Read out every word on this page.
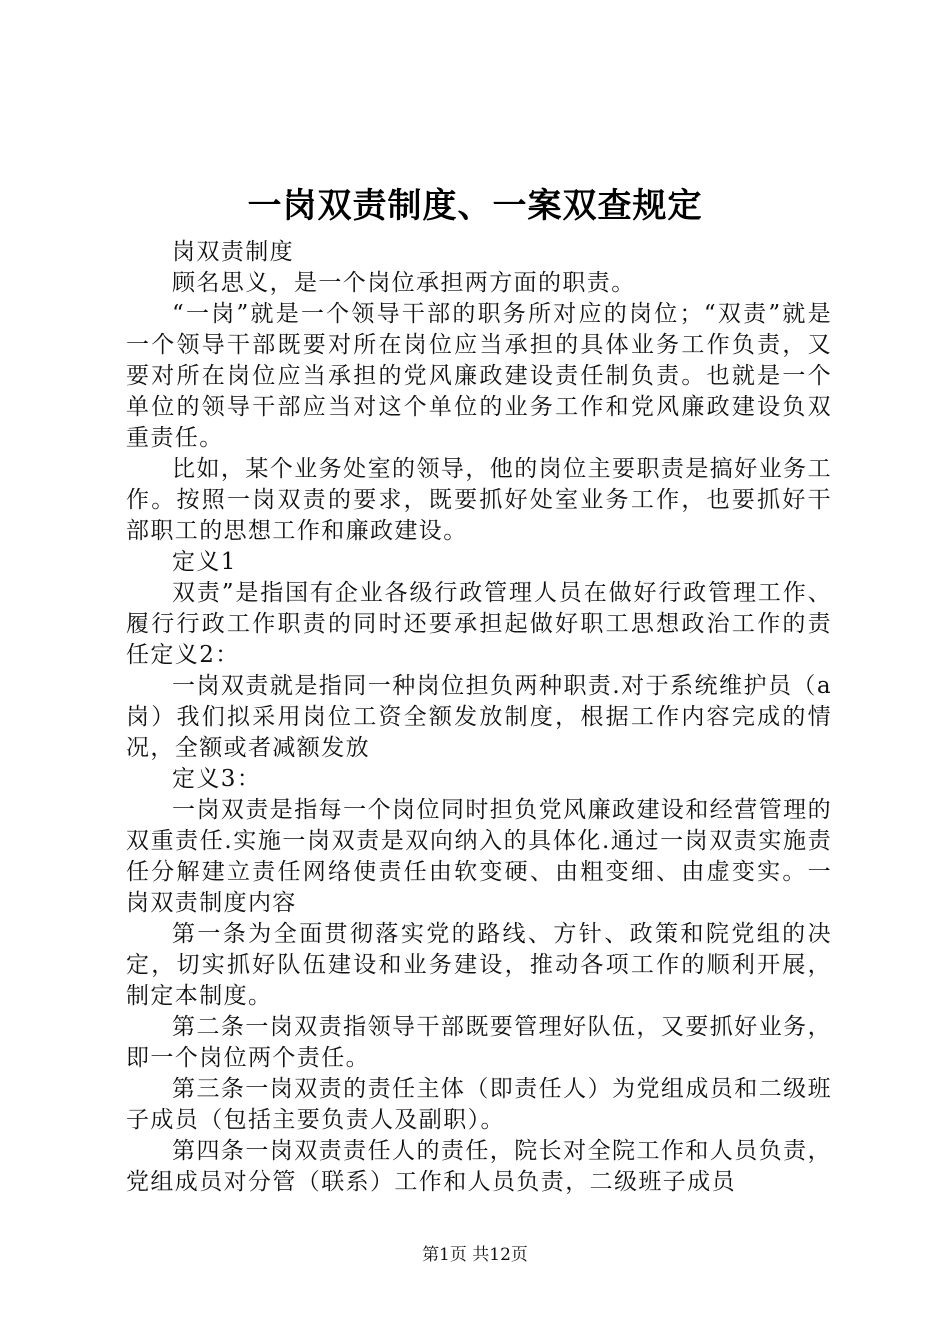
一岗双责制度、一案双查规定

岗双责制度

顾名思义，是一个岗位承担两方面的职责。

“一岗”就是一个领导干部的职务所对应的岗位；“双责”就是一个领导干部既要对所在岗位应当承担的具体业务工作负责，又要对所在岗位应当承担的党风廉政建设责任制负责。也就是一个单位的领导干部应当对这个单位的业务工作和党风廉政建设负双重责任。

比如，某个业务处室的领导，他的岗位主要职责是搞好业务工作。按照一岗双责的要求，既要抓好处室业务工作，也要抓好干部职工的思想工作和廉政建设。

定义1

双责”是指国有企业各级行政管理人员在做好行政管理工作、履行行政工作职责的同时还要承担起做好职工思想政治工作的责任定义2：

一岗双责就是指同一种岗位担负两种职责.对于系统维护员（a岗）我们拟采用岗位工资全额发放制度，根据工作内容完成的情况，全额或者减额发放

定义3：

一岗双责是指每一个岗位同时担负党风廉政建设和经营管理的双重责任.实施一岗双责是双向纳入的具体化.通过一岗双责实施责任分解建立责任网络使责任由软变硬、由粗变细、由虚变实。一岗双责制度内容

第一条为全面贯彻落实党的路线、方针、政策和院党组的决定，切实抓好队伍建设和业务建设，推动各项工作的顺利开展，制定本制度。

第二条一岗双责指领导干部既要管理好队伍，又要抓好业务，即一个岗位两个责任。

第三条一岗双责的责任主体（即责任人）为党组成员和二级班子成员（包括主要负责人及副职）。

第四条一岗双责责任人的责任，院长对全院工作和人员负责，党组成员对分管（联系）工作和人员负责，二级班子成员

第1页 共12页
